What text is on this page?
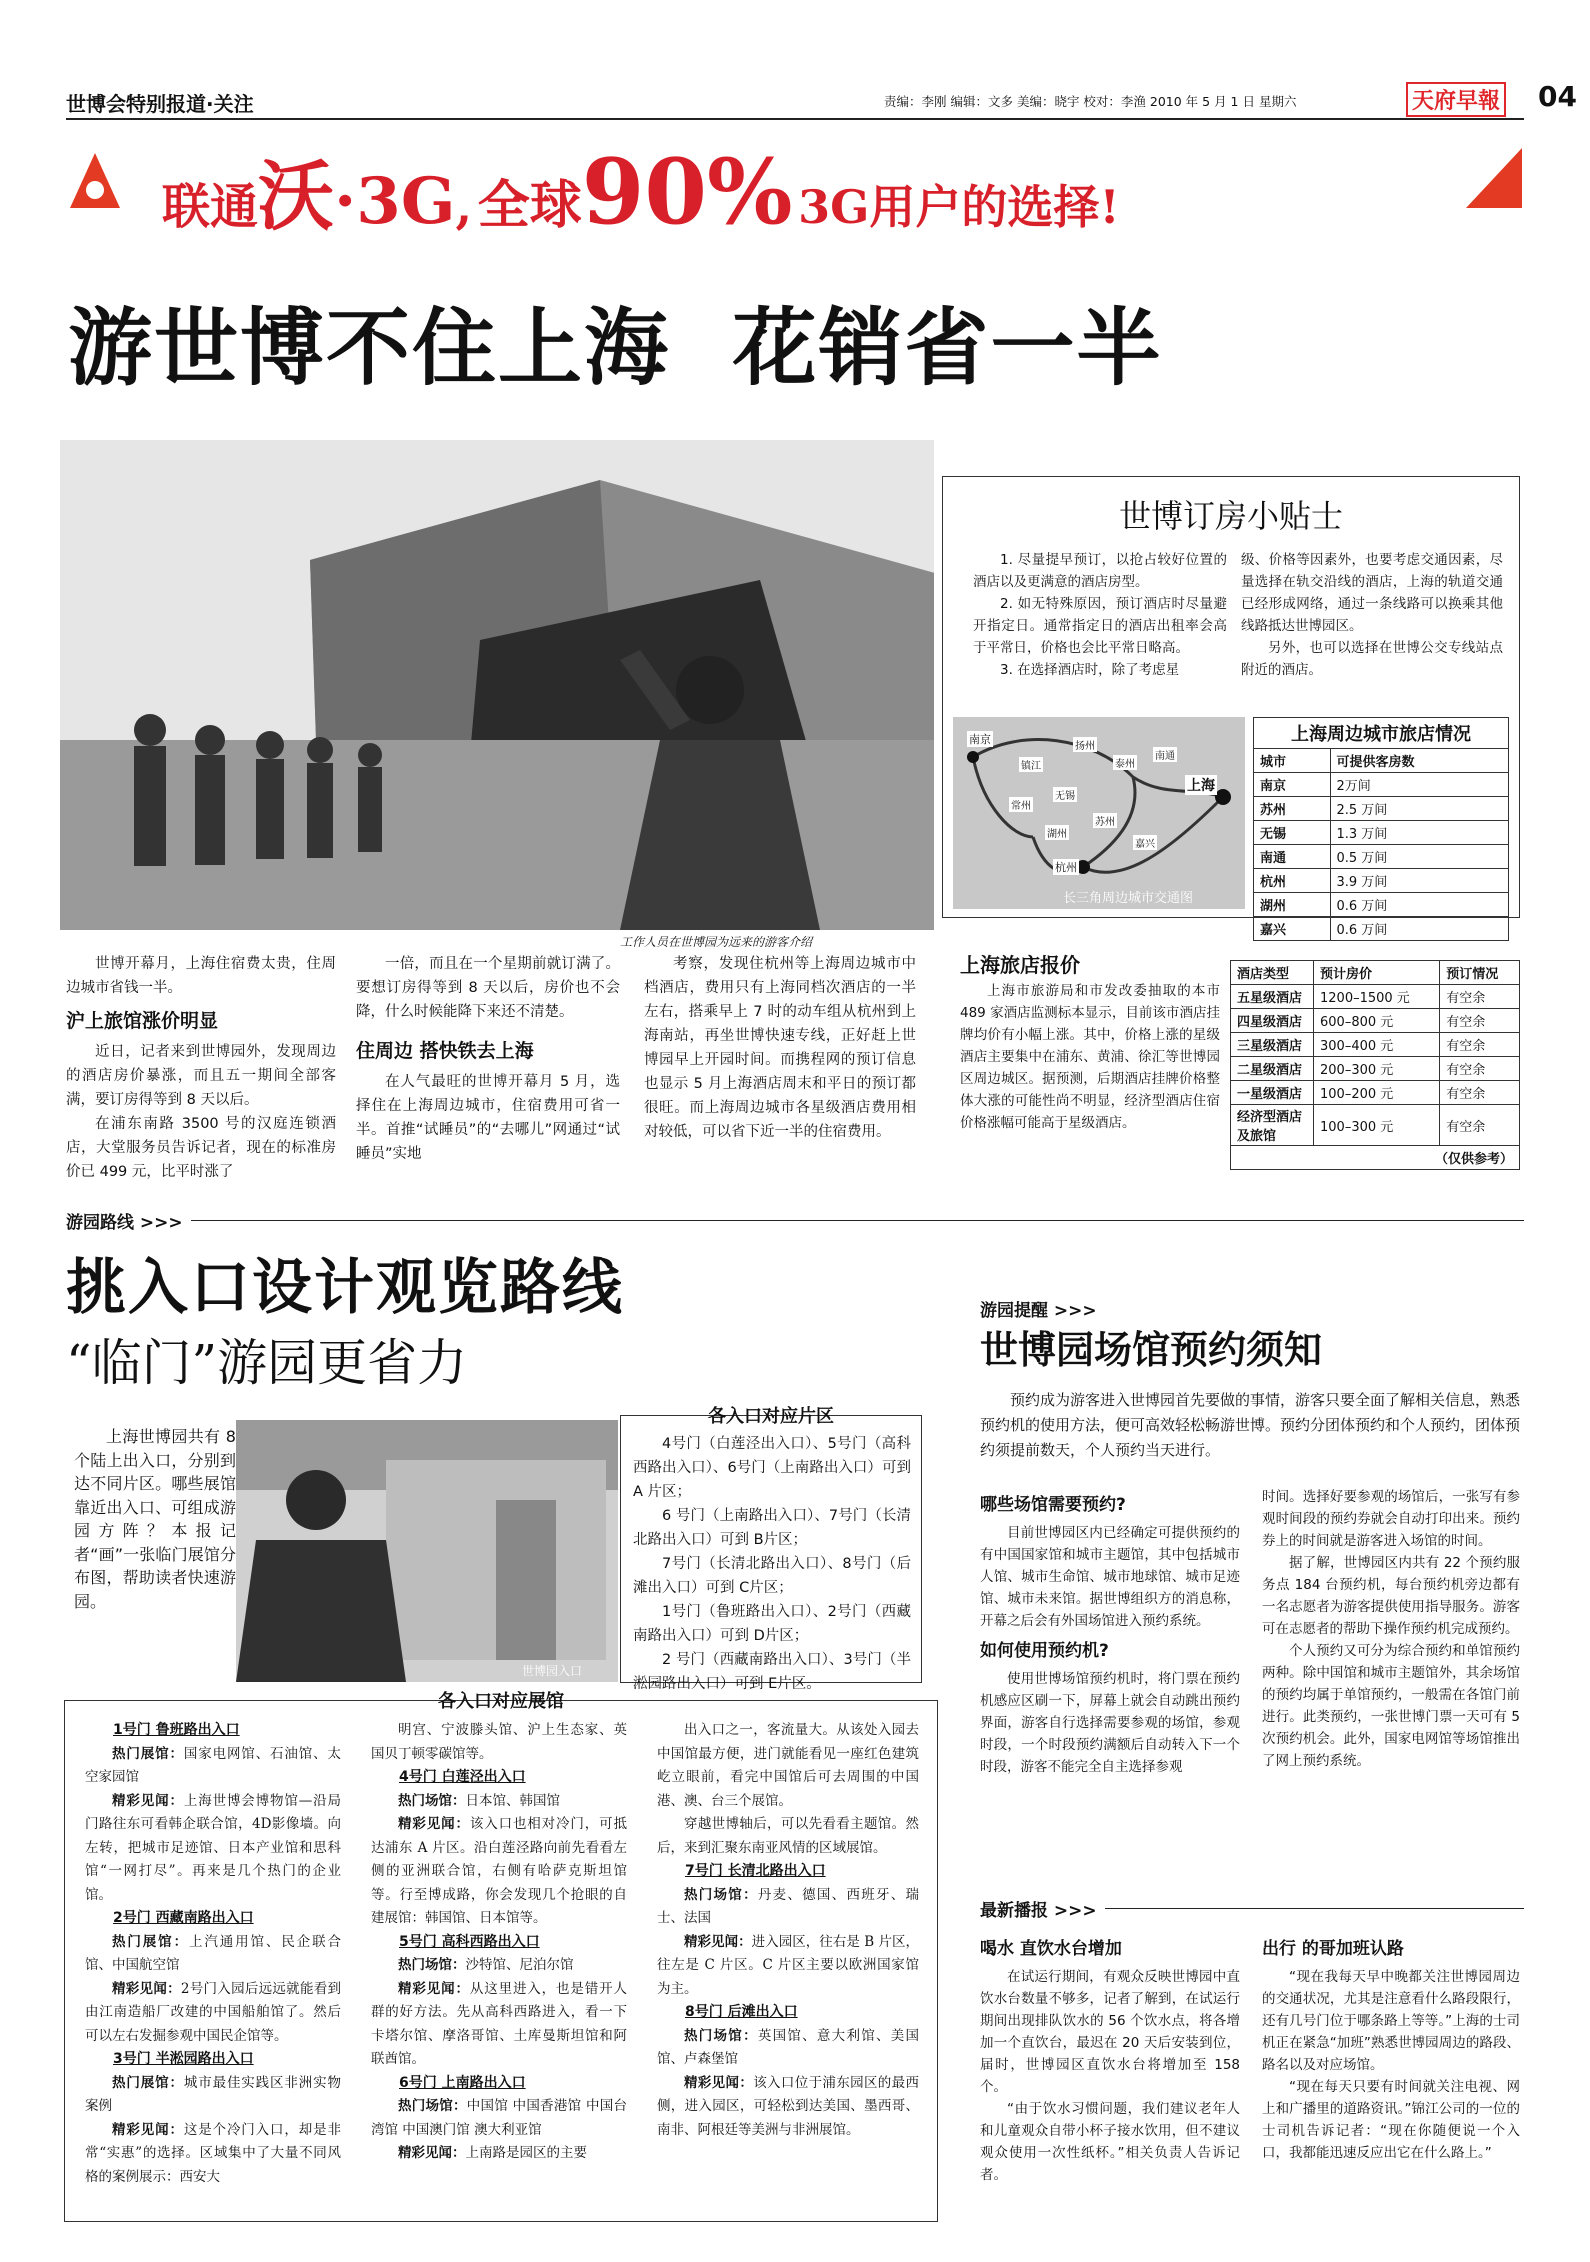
世博会特别报道·关注	责编：李刚 编辑：文多 美编：晓宇 校对：李渔 2010 年 5 月 1 日 星期六	天府早報 04
联通沃·3G, 全球90% 3G用户的选择!
游世博不住上海  花销省一半
工作人员在世博园为远来的游客介绍

世博开幕月，上海住宿费太贵，住周边城市省钱一半。

沪上旅馆涨价明显

近日，记者来到世博园外，发现周边的酒店房价暴涨，而且五一期间全部客满，要订房得等到 8 天以后。

在浦东南路 3500 号的汉庭连锁酒店，大堂服务员告诉记者，现在的标准房价已 499 元，比平时涨了

一倍，而且在一个星期前就订满了。要想订房得等到 8 天以后，房价也不会降，什么时候能降下来还不清楚。

住周边 搭快铁去上海

在人气最旺的世博开幕月 5 月，选择住在上海周边城市，住宿费用可省一半。首推“试睡员”的“去哪儿”网通过“试睡员”实地

考察，发现住杭州等上海周边城市中档酒店，费用只有上海同档次酒店的一半左右，搭乘早上 7 时的动车组从杭州到上海南站，再坐世博快速专线，正好赶上世博园早上开园时间。而携程网的预订信息也显示 5 月上海酒店周末和平日的预订都很旺。而上海周边城市各星级酒店费用相对较低，可以省下近一半的住宿费用。

世博订房小贴士

1. 尽量提早预订，以抢占较好位置的酒店以及更满意的酒店房型。

2. 如无特殊原因，预订酒店时尽量避开指定日。通常指定日的酒店出租率会高于平常日，价格也会比平常日略高。

3. 在选择酒店时，除了考虑星

级、价格等因素外，也要考虑交通因素，尽量选择在轨交沿线的酒店，上海的轨道交通已经形成网络，通过一条线路可以换乘其他线路抵达世博园区。

另外，也可以选择在世博公交专线站点附近的酒店。

南京
镇江
常州
无锡
苏州
上海
嘉兴
杭州
湖州
南通
扬州
泰州
长三角周边城市交通图
上海周边城市旅店情况
城市	可提供客房数
南京	2万间
苏州	2.5 万间
无锡	1.3 万间
南通	0.5 万间
杭州	3.9 万间
湖州	0.6 万间
嘉兴	0.6 万间
上海旅店报价

上海市旅游局和市发改委抽取的本市 489 家酒店监测标本显示，目前该市酒店挂牌均价有小幅上涨。其中，价格上涨的星级酒店主要集中在浦东、黄浦、徐汇等世博园区周边城区。据预测，后期酒店挂牌价格整体大涨的可能性尚不明显，经济型酒店住宿价格涨幅可能高于星级酒店。

酒店类型	预计房价	预订情况
五星级酒店	1200–1500 元	有空余
四星级酒店	600–800 元	有空余
三星级酒店	300–400 元	有空余
二星级酒店	200–300 元	有空余
一星级酒店	100–200 元	有空余
经济型酒店及旅馆	100–300 元	有空余
（仅供参考）		
游园路线 >>>
挑入口设计观览路线
“临门”游园更省力

上海世博园共有 8 个陆上出入口，分别到达不同片区。哪些展馆靠近出入口、可组成游园方阵？本报记者“画”一张临门展馆分布图，帮助读者快速游园。

世博园入口
各入口对应片区

4号门（白莲泾出入口）、5号门（高科西路出入口）、6号门（上南路出入口）可到 A 片区；

6 号门（上南路出入口）、7号门（长清北路出入口）可到 B片区；

7号门（长清北路出入口）、8号门（后滩出入口）可到 C片区；

1号门（鲁班路出入口）、2号门（西藏南路出入口）可到 D片区；

2 号门（西藏南路出入口）、3号门（半淞园路出入口）可到 E片区。

各入口对应展馆

1号门 鲁班路出入口

热门展馆：国家电网馆、石油馆、太空家园馆

精彩见闻：上海世博会博物馆—沿局门路往东可看韩企联合馆，4D影像墙。向左转，把城市足迹馆、日本产业馆和思科馆“一网打尽”。再来是几个热门的企业馆。

2号门 西藏南路出入口

热门展馆：上汽通用馆、民企联合馆、中国航空馆

精彩见闻：2号门入园后远远就能看到由江南造船厂改建的中国船舶馆了。然后可以左右发掘参观中国民企馆等。

3号门 半淞园路出入口

热门展馆：城市最佳实践区非洲实物案例

精彩见闻：这是个冷门入口，却是非常“实惠”的选择。区域集中了大量不同风格的案例展示：西安大

明宫、宁波滕头馆、沪上生态家、英国贝丁顿零碳馆等。

4号门 白莲泾出入口

热门场馆：日本馆、韩国馆

精彩见闻：该入口也相对冷门，可抵达浦东 A 片区。沿白莲泾路向前先看看左侧的亚洲联合馆，右侧有哈萨克斯坦馆等。行至博成路，你会发现几个抢眼的自建展馆：韩国馆、日本馆等。

5号门 高科西路出入口

热门场馆：沙特馆、尼泊尔馆

精彩见闻：从这里进入，也是错开人群的好方法。先从高科西路进入，看一下卡塔尔馆、摩洛哥馆、土库曼斯坦馆和阿联酋馆。

6号门 上南路出入口

热门场馆：中国馆 中国香港馆 中国台湾馆 中国澳门馆 澳大利亚馆

精彩见闻：上南路是园区的主要

出入口之一，客流量大。从该处入园去中国馆最方便，进门就能看见一座红色建筑屹立眼前，看完中国馆后可去周围的中国港、澳、台三个展馆。

穿越世博轴后，可以先看看主题馆。然后，来到汇聚东南亚风情的区域展馆。

7号门 长清北路出入口

热门场馆：丹麦、德国、西班牙、瑞士、法国

精彩见闻：进入园区，往右是 B 片区，往左是 C 片区。C 片区主要以欧洲国家馆为主。

8号门 后滩出入口

热门场馆：英国馆、意大利馆、美国馆、卢森堡馆

精彩见闻：该入口位于浦东园区的最西侧，进入园区，可轻松到达美国、墨西哥、南非、阿根廷等美洲与非洲展馆。

游园提醒 >>>
世博园场馆预约须知

预约成为游客进入世博园首先要做的事情，游客只要全面了解相关信息，熟悉预约机的使用方法，便可高效轻松畅游世博。预约分团体预约和个人预约，团体预约须提前数天，个人预约当天进行。

哪些场馆需要预约?

目前世博园区内已经确定可提供预约的有中国国家馆和城市主题馆，其中包括城市人馆、城市生命馆、城市地球馆、城市足迹馆、城市未来馆。据世博组织方的消息称，开幕之后会有外国场馆进入预约系统。

如何使用预约机?

使用世博场馆预约机时，将门票在预约机感应区刷一下，屏幕上就会自动跳出预约界面，游客自行选择需要参观的场馆，参观时段，一个时段预约满额后自动转入下一个时段，游客不能完全自主选择参观

时间。选择好要参观的场馆后，一张写有参观时间段的预约券就会自动打印出来。预约券上的时间就是游客进入场馆的时间。

据了解，世博园区内共有 22 个预约服务点 184 台预约机，每台预约机旁边都有一名志愿者为游客提供使用指导服务。游客可在志愿者的帮助下操作预约机完成预约。

个人预约又可分为综合预约和单馆预约两种。除中国馆和城市主题馆外，其余场馆的预约均属于单馆预约，一般需在各馆门前进行。此类预约，一张世博门票一天可有 5 次预约机会。此外，国家电网馆等场馆推出了网上预约系统。

最新播报 >>>
喝水 直饮水台增加

在试运行期间，有观众反映世博园中直饮水台数量不够多，记者了解到，在试运行期间出现排队饮水的 56 个饮水点，将各增加一个直饮台，最迟在 20 天后安装到位，届时，世博园区直饮水台将增加至 158 个。

“由于饮水习惯问题，我们建议老年人和儿童观众自带小杯子接水饮用，但不建议观众使用一次性纸杯。”相关负责人告诉记者。

出行 的哥加班认路

“现在我每天早中晚都关注世博园周边的交通状况，尤其是注意看什么路段限行，还有几号门位于哪条路上等等。”上海的士司机正在紧急“加班”熟悉世博园周边的路段、路名以及对应场馆。

“现在每天只要有时间就关注电视、网上和广播里的道路资讯。”锦江公司的一位的士司机告诉记者：“现在你随便说一个入口，我都能迅速反应出它在什么路上。”
